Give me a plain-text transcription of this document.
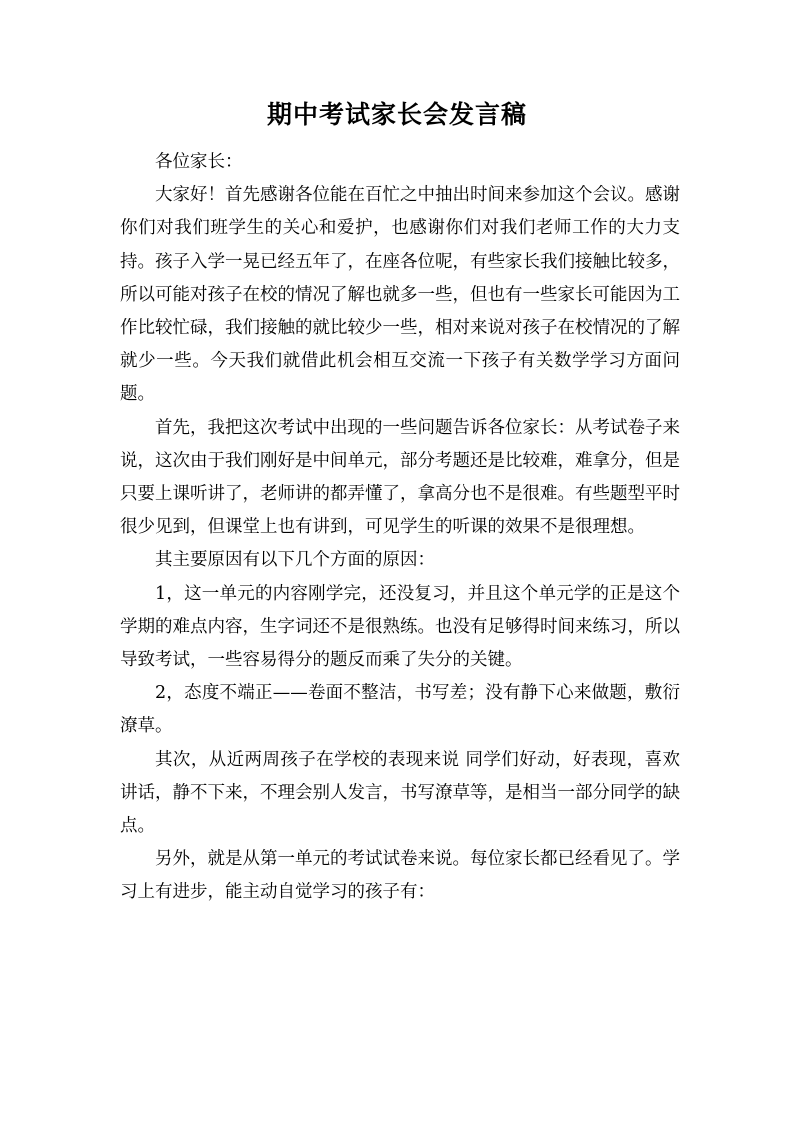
期中考试家长会发言稿

各位家长：

大家好！首先感谢各位能在百忙之中抽出时间来参加这个会议。感谢你们对我们班学生的关心和爱护，也感谢你们对我们老师工作的大力支持。孩子入学一晃已经五年了，在座各位呢，有些家长我们接触比较多，所以可能对孩子在校的情况了解也就多一些，但也有一些家长可能因为工作比较忙碌，我们接触的就比较少一些，相对来说对孩子在校情况的了解就少一些。今天我们就借此机会相互交流一下孩子有关数学学习方面问题。

首先，我把这次考试中出现的一些问题告诉各位家长：从考试卷子来说，这次由于我们刚好是中间单元，部分考题还是比较难，难拿分，但是只要上课听讲了，老师讲的都弄懂了，拿高分也不是很难。有些题型平时很少见到，但课堂上也有讲到，可见学生的听课的效果不是很理想。

其主要原因有以下几个方面的原因：

1，这一单元的内容刚学完，还没复习，并且这个单元学的正是这个学期的难点内容，生字词还不是很熟练。也没有足够得时间来练习，所以导致考试，一些容易得分的题反而乘了失分的关键。

2，态度不端正——卷面不整洁，书写差；没有静下心来做题，敷衍潦草。

其次，从近两周孩子在学校的表现来说 同学们好动，好表现，喜欢讲话，静不下来，不理会别人发言，书写潦草等，是相当一部分同学的缺点。

另外，就是从第一单元的考试试卷来说。每位家长都已经看见了。学习上有进步，能主动自觉学习的孩子有：
